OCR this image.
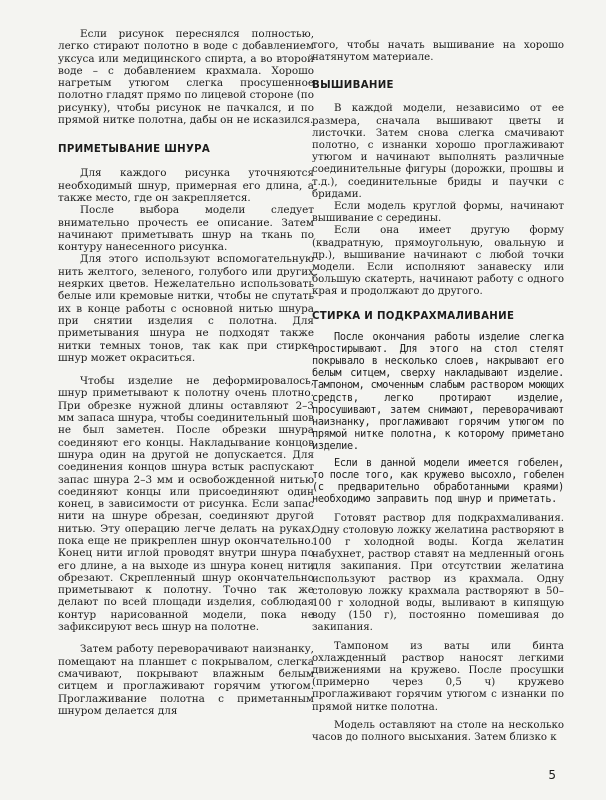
Если рисунок переснялся полностью, легко стирают полотно в воде с добавлением уксуса или медицинского спирта, а во второй воде – с добавлением крахмала. Хорошо нагретым утюгом слегка просушенное полотно гладят прямо по лицевой стороне (по рисунку), чтобы рисунок не пачкался, и по прямой нитке полотна, дабы он не исказился.

ПРИМЕТЫВАНИЕ ШНУРА

Для каждого рисунка уточняются необходимый шнур, примерная его длина, а также место, где он закрепляется.

После выбора модели следует внимательно прочесть ее описание. Затем начинают приметывать шнур на ткань по контуру нанесенного рисунка.

Для этого используют вспомогательную нить желтого, зеленого, голубого или других неярких цветов. Нежелательно использовать белые или кремовые нитки, чтобы не спутать их в конце работы с основной нитью шнура при снятии изделия с полотна. Для приметывания шнура не подходят также нитки темных тонов, так как при стирке шнур может окраситься.

Чтобы изделие не деформировалось, шнур приметывают к полотну очень плотно. При обрезке нужной длины оставляют 2–3 мм запаса шнура, чтобы соединительный шов не был заметен. После обрезки шнура соединяют его концы. Накладывание концов шнура один на другой не допускается. Для соединения концов шнура встык распускают запас шнура 2–3 мм и освобожденной нитью соединяют концы или присоединяют один конец, в зависимости от рисунка. Если запас нити на шнуре обрезан, соединяют другой нитью. Эту операцию легче делать на руках, пока еще не прикреплен шнур окончательно. Конец нити иглой проводят внутри шнура по его длине, а на выходе из шнура конец нити обрезают. Скрепленный шнур окончательно приметывают к полотну. Точно так же делают по всей площади изделия, соблюдая контур нарисованной модели, пока не зафиксируют весь шнур на полотне.

Затем работу переворачивают наизнанку, помещают на планшет с покрывалом, слегка смачивают, покрывают влажным белым ситцем и проглаживают горячим утюгом. Проглаживание полотна с приметанным шнуром делается для

того, чтобы начать вышивание на хорошо натянутом материале.

ВЫШИВАНИЕ

В каждой модели, независимо от ее размера, сначала вышивают цветы и листочки. Затем снова слегка смачивают полотно, с изнанки хорошо проглаживают утюгом и начинают выполнять различные соединительные фигуры (дорожки, прошвы и т.д.), соединительные бриды и паучки с бридами.

Если модель круглой формы, начинают вышивание с середины.

Если она имеет другую форму (квадратную, прямоугольную, овальную и др.), вышивание начинают с любой точки модели. Если исполняют занавеску или большую скатерть, начинают работу с одного края и продолжают до другого.

СТИРКА И ПОДКРАХМАЛИВАНИЕ

После окончания работы изделие слегка простирывают. Для этого на стол стелят покрывало в несколько слоев, накрывают его белым ситцем, сверху накладывают изделие. Тампоном, смоченным слабым раствором моющих средств, легко протирают изделие, просушивают, затем снимают, переворачивают наизнанку, проглаживают горячим утюгом по прямой нитке полотна, к которому приметано изделие.

Если в данной модели имеется гобелен, то после того, как кружево высохло, гобелен (с предварительно обработанными краями) необходимо заправить под шнур и приметать.

Готовят раствор для подкрахмаливания. Одну столовую ложку желатина растворяют в 100 г холодной воды. Когда желатин набухнет, раствор ставят на медленный огонь для закипания. При отсутствии желатина используют раствор из крахмала. Одну столовую ложку крахмала растворяют в 50–100 г холодной воды, выливают в кипящую воду (150 г), постоянно помешивая до закипания.

Тампоном из ваты или бинта охлажденный раствор наносят легкими движениями на кружево. После просушки (примерно через 0,5 ч) кружево проглаживают горячим утюгом с изнанки по прямой нитке полотна.

Модель оставляют на столе на несколько часов до полного высыхания. Затем близко к

5
